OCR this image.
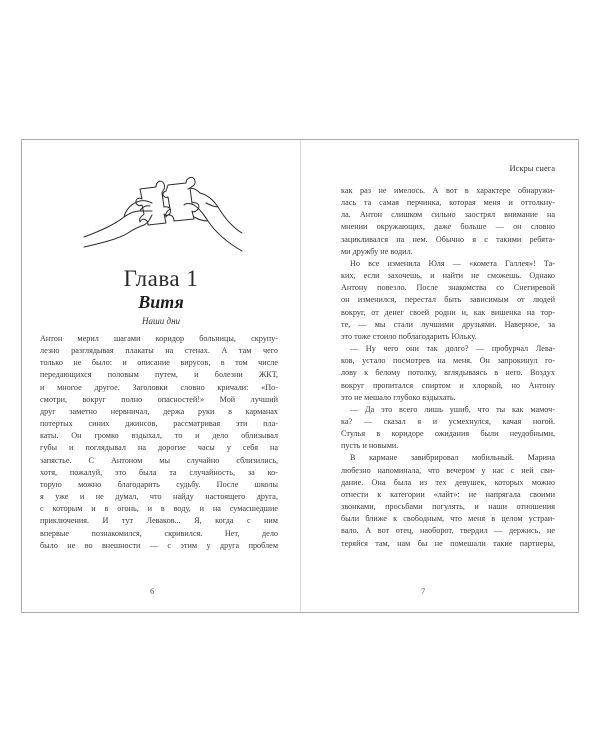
Глава 1
Витя
Наши дни
Антон мерил шагами коридор больницы, скрупу-
лезно разглядывая плакаты на стенах. А там чего
только не было: и описание вирусов, в том числе
передающихся половым путем, и болезни ЖКТ,
и многое другое. Заголовки словно кричали: «По-
смотри, вокруг полно опасностей!» Мой лучший
друг заметно нервничал, держа руки в карманах
потертых синих джинсов, рассматривая эти пла-
каты. Он громко вздыхал, то и дело облизывал
губы и поглядывал на дорогие часы у себя на
запястье. С Антоном мы случайно сблизились,
хотя, пожалуй, это была та случайность, за ко-
торую можно благодарить судьбу. После школы
я уже и не думал, что найду настоящего друга,
с которым и в огонь, и в воду, и на сумасшедшие
приключения. И тут Леваков... Я, когда с ним
впервые познакомился, скривился. Нет, дело
было не во внешности — с этим у друга проблем
6
Искры снега
как раз не имелось. А вот в характере обнаружи-
лась та самая перчинка, которая меня и оттолкну-
ла. Антон слишком сильно заострял внимание на
мнении окружающих, даже больше — он словно
зацикливался на нем. Обычно я с такими ребята-
ми дружбу не водил.
Но все изменила Юля — «комета Галлея»! Та-
ких, если захочешь, и найти не сможешь. Однако
Антону повезло. После знакомства со Снегиревой
он изменился, перестал быть зависимым от людей
вокруг, от денег своей родни и, как вишенка на тор-
те, — мы стали лучшими друзьями. Наверное, за
это тоже стоило поблагодарить Юльку.
— Ну чего они так долго? — пробурчал Лева-
ков, устало посмотрев на меня. Он запрокинул го-
лову к белому потолку, вглядываясь в него. Воздух
вокруг пропитался спиртом и хлоркой, но Антону
это не мешало глубоко вздыхать.
— Да это всего лишь ушиб, что ты как мамоч-
ка? — сказал я и усмехнулся, качая ногой.
Стулья в коридоре ожидания были неудобными,
пусть и новыми.
В кармане завибрировал мобильный. Марина
любезно напоминала, что вечером у нас с ней сви-
дание. Она была из тех девушек, которых можно
отнести к категории «лайт»: не напрягала своими
звонками, просьбами погулять, и наши отношения
были ближе к свободным, что меня в целом устраи-
вало. А вот отец, наоборот, твердил — держись, не
теряйся там, нам бы не помешали такие партнеры,
7
